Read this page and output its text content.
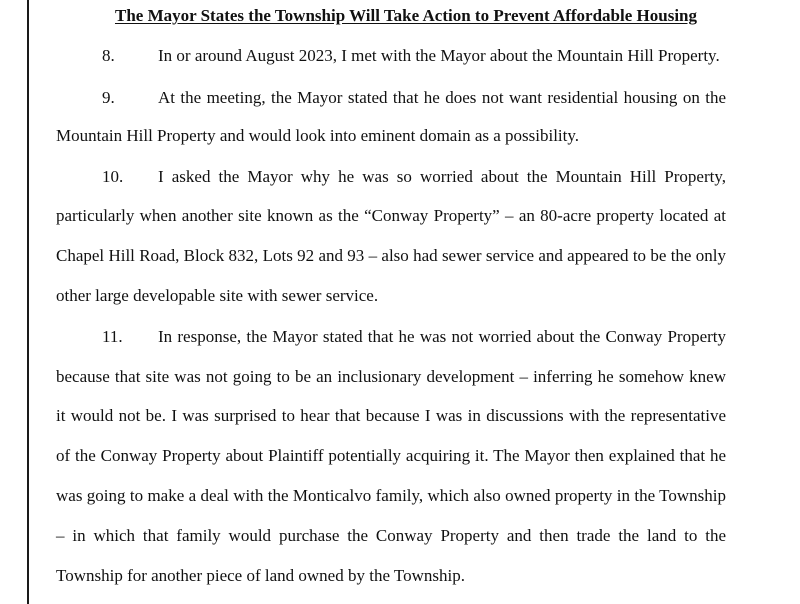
The Mayor States the Township Will Take Action to Prevent Affordable Housing
8.	In or around August 2023, I met with the Mayor about the Mountain Hill Property.
9.	At the meeting, the Mayor stated that he does not want residential housing on the
Mountain Hill Property and would look into eminent domain as a possibility.
10. I asked the Mayor why he was so worried about the Mountain Hill Property,
particularly when another site known as the “Conway Property” – an 80-acre property located at
Chapel Hill Road, Block 832, Lots 92 and 93 – also had sewer service and appeared to be the only
other large developable site with sewer service.
11. In response, the Mayor stated that he was not worried about the Conway Property
because that site was not going to be an inclusionary development – inferring he somehow knew
it would not be. I was surprised to hear that because I was in discussions with the representative
of the Conway Property about Plaintiff potentially acquiring it. The Mayor then explained that he
was going to make a deal with the Monticalvo family, which also owned property in the Township
– in which that family would purchase the Conway Property and then trade the land to the
Township for another piece of land owned by the Township.
